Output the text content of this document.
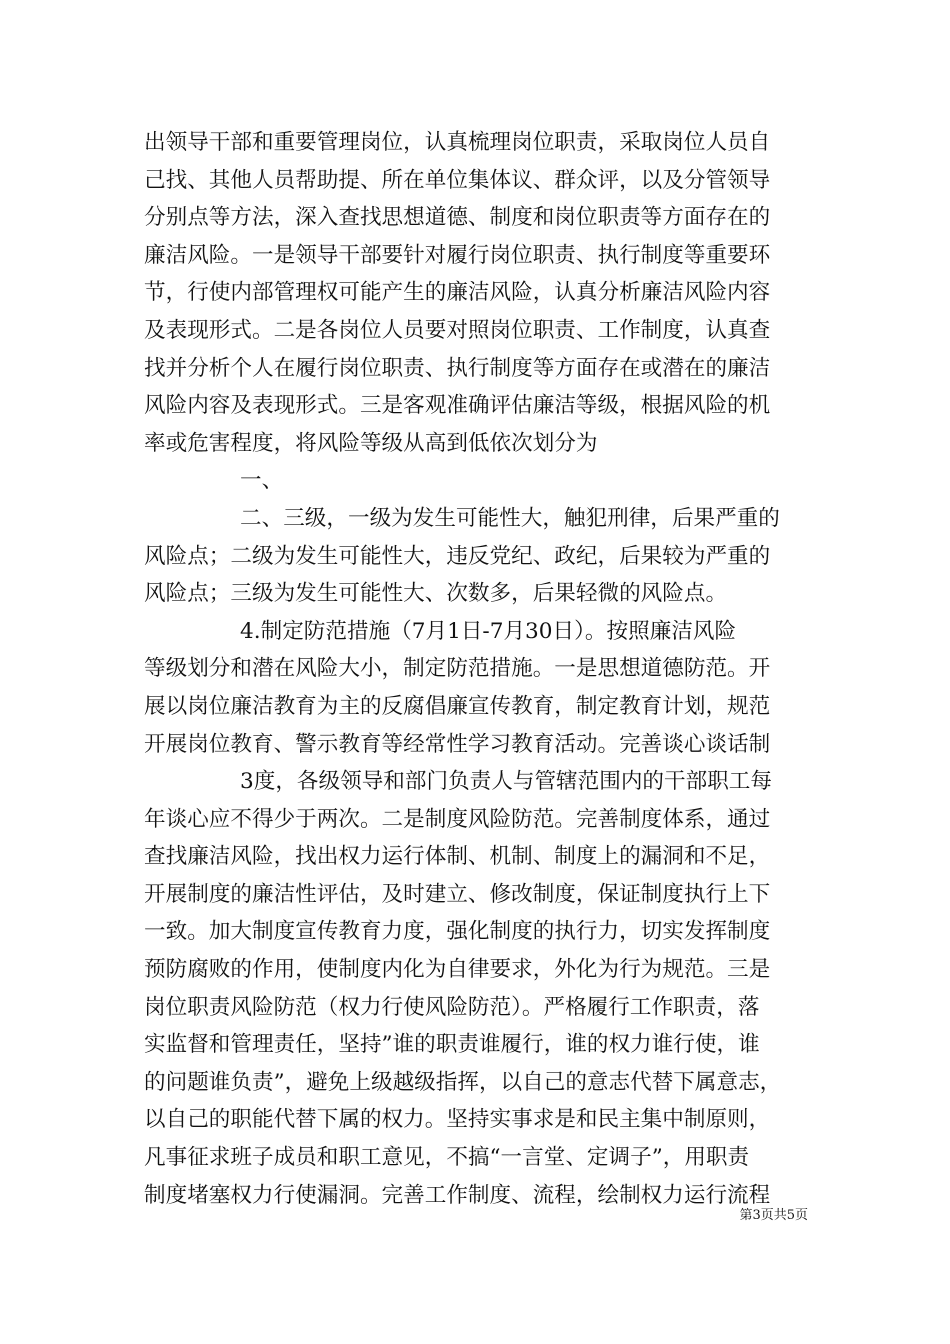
出领导干部和重要管理岗位，认真梳理岗位职责，采取岗位人员自
己找、其他人员帮助提、所在单位集体议、群众评，以及分管领导
分别点等方法，深入查找思想道德、制度和岗位职责等方面存在的
廉洁风险。一是领导干部要针对履行岗位职责、执行制度等重要环
节，行使内部管理权可能产生的廉洁风险，认真分析廉洁风险内容
及表现形式。二是各岗位人员要对照岗位职责、工作制度，认真查
找并分析个人在履行岗位职责、执行制度等方面存在或潜在的廉洁
风险内容及表现形式。三是客观准确评估廉洁等级，根据风险的机
率或危害程度，将风险等级从高到低依次划分为
一、
二、三级，一级为发生可能性大，触犯刑律，后果严重的
风险点；二级为发生可能性大，违反党纪、政纪，后果较为严重的
风险点；三级为发生可能性大、次数多，后果轻微的风险点。
4.制定防范措施（7月1日-7月30日）。按照廉洁风险
等级划分和潜在风险大小，制定防范措施。一是思想道德防范。开
展以岗位廉洁教育为主的反腐倡廉宣传教育，制定教育计划，规范
开展岗位教育、警示教育等经常性学习教育活动。完善谈心谈话制
3度，各级领导和部门负责人与管辖范围内的干部职工每
年谈心应不得少于两次。二是制度风险防范。完善制度体系，通过
查找廉洁风险，找出权力运行体制、机制、制度上的漏洞和不足，
开展制度的廉洁性评估，及时建立、修改制度，保证制度执行上下
一致。加大制度宣传教育力度，强化制度的执行力，切实发挥制度
预防腐败的作用，使制度内化为自律要求，外化为行为规范。三是
岗位职责风险防范（权力行使风险防范）。严格履行工作职责，落
实监督和管理责任，坚持”谁的职责谁履行，谁的权力谁行使，谁
的问题谁负责”，避免上级越级指挥，以自己的意志代替下属意志，
以自己的职能代替下属的权力。坚持实事求是和民主集中制原则，
凡事征求班子成员和职工意见，不搞“一言堂、定调子”，用职责
制度堵塞权力行使漏洞。完善工作制度、流程，绘制权力运行流程
第3页共5页
